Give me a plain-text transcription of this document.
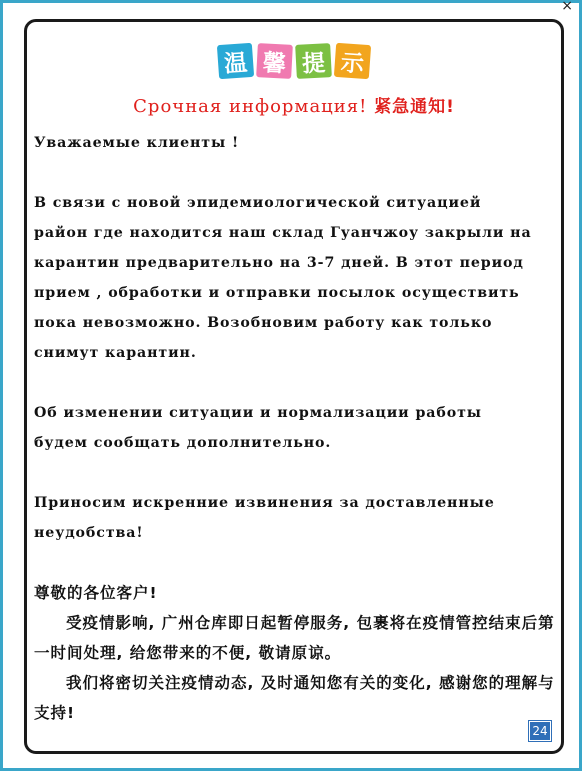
×
温 馨 提 示
Срочная информация! 紧急通知!

Уважаемые клиенты !

В связи с новой эпидемиологической ситуацией
район где находится наш склад Гуанчжоу закрыли на
карантин предварительно на 3-7 дней. В этот период
прием , обработки и отправки посылок осуществить
пока невозможно. Возобновим работу как только
снимут карантин.

Об изменении ситуации и нормализации работы
будем сообщать дополнительно.

Приносим искренние извинения за доставленные
неудобства!

尊敬的各位客户!

受疫情影响, 广州仓库即日起暂停服务, 包裹将在疫情管控结束后第一时间处理, 给您带来的不便, 敬请原谅。

我们将密切关注疫情动态, 及时通知您有关的变化, 感谢您的理解与支持!

24
